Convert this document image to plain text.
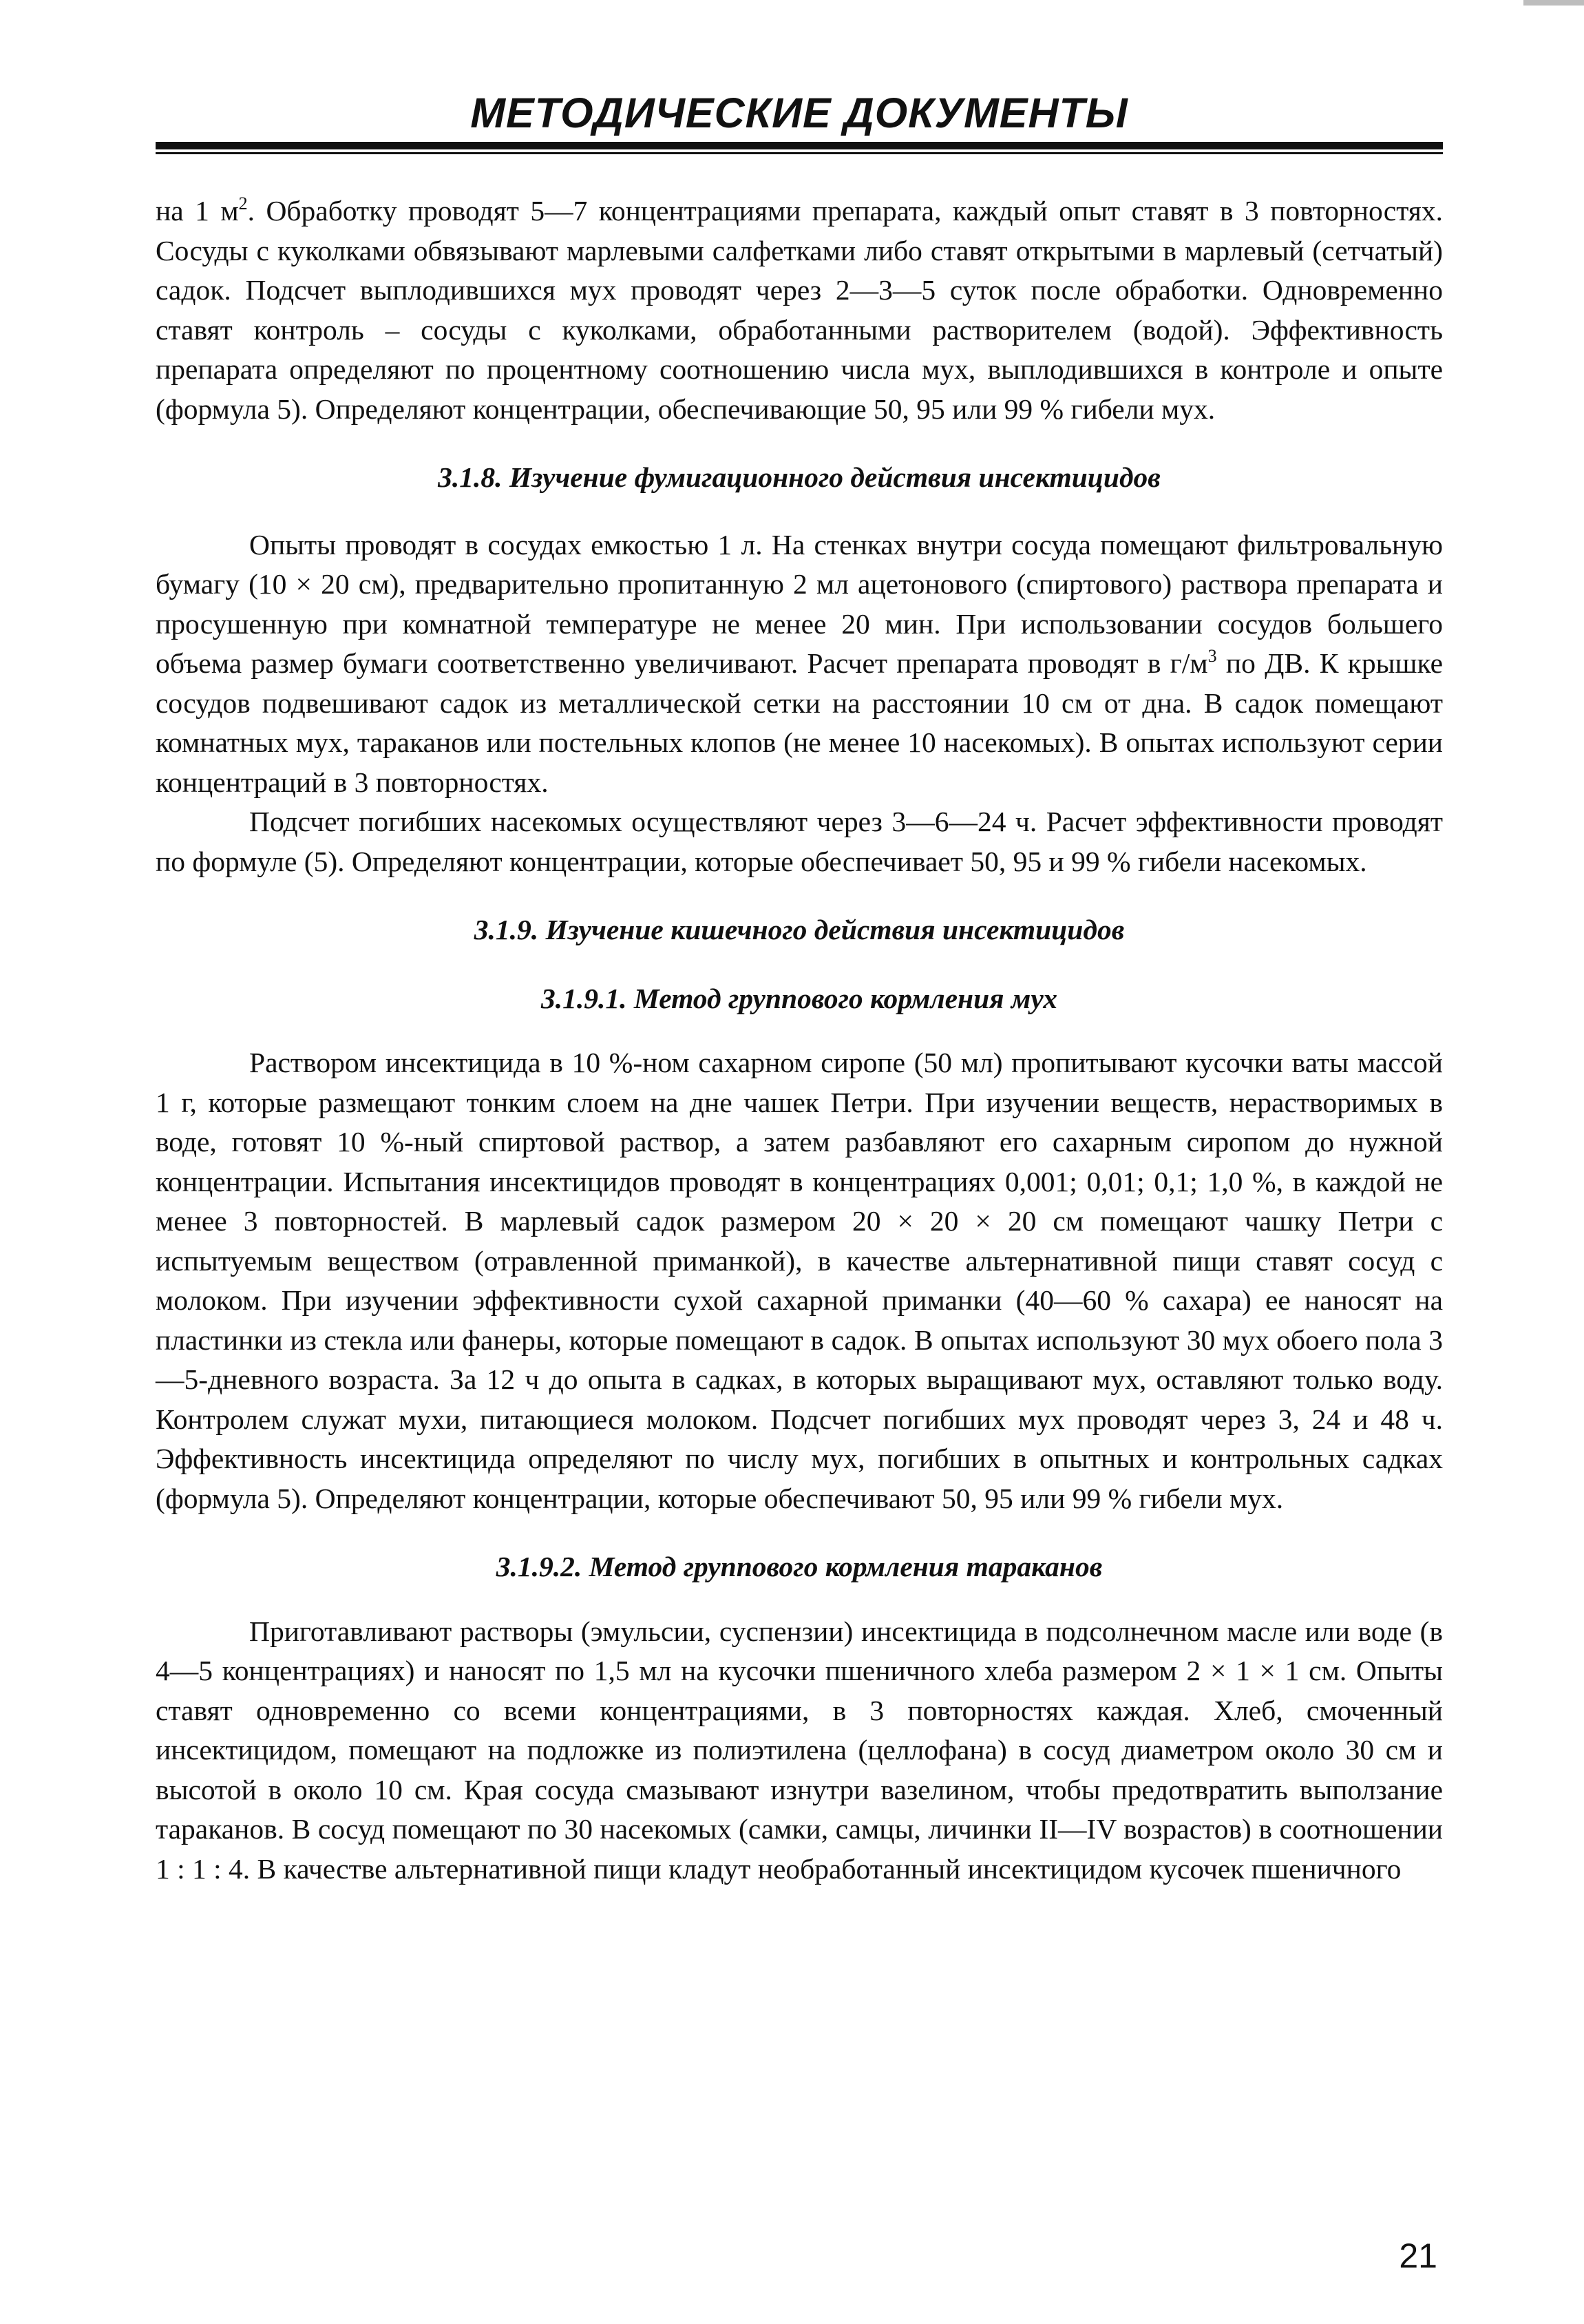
МЕТОДИЧЕСКИЕ ДОКУМЕНТЫ

на 1 $м^2$. Обработку проводят 5—7 концентрациями препарата, каждый опыт ставят в 3 повторностях. Сосуды с куколками обвязывают марлевыми салфетками либо ставят открытыми в марлевый (сетчатый) садок. Подсчет выплодившихся мух проводят через 2—3—5 суток после обработки. Одновременно ставят контроль – сосуды с куколками, обработанными растворителем (водой). Эффективность препарата определяют по процентному соотношению числа мух, выплодившихся в контроле и опыте (формула 5). Определяют концентрации, обеспечивающие 50, 95 или 99 % гибели мух.

3.1.8. Изучение фумигационного действия инсектицидов

Опыты проводят в сосудах емкостью 1 л. На стенках внутри сосуда помещают фильтровальную бумагу (10 × 20 см), предварительно пропитанную 2 мл ацетонового (спиртового) раствора препарата и просушенную при комнатной температуре не менее 20 мин. При использовании сосудов большего объема размер бумаги соответственно увеличивают. Расчет препарата проводят в $г/м^3$ по ДВ. К крышке сосудов подвешивают садок из металлической сетки на расстоянии 10 см от дна. В садок помещают комнатных мух, тараканов или постельных клопов (не менее 10 насекомых). В опытах используют серии концентраций в 3 повторностях.

Подсчет погибших насекомых осуществляют через 3—6—24 ч. Расчет эффективности проводят по формуле (5). Определяют концентрации, которые обеспечивает 50, 95 и 99 % гибели насекомых.

3.1.9. Изучение кишечного действия инсектицидов
3.1.9.1. Метод группового кормления мух

Раствором инсектицида в 10 %-ном сахарном сиропе (50 мл) пропитывают кусочки ваты массой 1 г, которые размещают тонким слоем на дне чашек Петри. При изучении веществ, нерастворимых в воде, готовят 10 %-ный спиртовой раствор, а затем разбавляют его сахарным сиропом до нужной концентрации. Испытания инсектицидов проводят в концентрациях 0,001; 0,01; 0,1; 1,0 %, в каждой не менее 3 повторностей. В марлевый садок размером 20 × 20 × 20 см помещают чашку Петри с испытуемым веществом (отравленной приманкой), в качестве альтернативной пищи ставят сосуд с молоком. При изучении эффективности сухой сахарной приманки (40—60 % сахара) ее наносят на пластинки из стекла или фанеры, которые помещают в садок. В опытах используют 30 мух обоего пола 3—5-дневного возраста. За 12 ч до опыта в садках, в которых выращивают мух, оставляют только воду. Контролем служат мухи, питающиеся молоком. Подсчет погибших мух проводят через 3, 24 и 48 ч. Эффективность инсектицида определяют по числу мух, погибших в опытных и контрольных садках (формула 5). Определяют концентрации, которые обеспечивают 50, 95 или 99 % гибели мух.

3.1.9.2. Метод группового кормления тараканов

Приготавливают растворы (эмульсии, суспензии) инсектицида в подсолнечном масле или воде (в 4—5 концентрациях) и наносят по 1,5 мл на кусочки пшеничного хлеба размером 2 × 1 × 1 см. Опыты ставят одновременно со всеми концентрациями, в 3 повторностях каждая. Хлеб, смоченный инсектицидом, помещают на подложке из полиэтилена (целлофана) в сосуд диаметром около 30 см и высотой в около 10 см. Края сосуда смазывают изнутри вазелином, чтобы предотвратить выползание тараканов. В сосуд помещают по 30 насекомых (самки, самцы, личинки II—IV возрастов) в соотношении 1 : 1 : 4. В качестве альтернативной пищи кладут необработанный инсектицидом кусочек пшеничного

21
